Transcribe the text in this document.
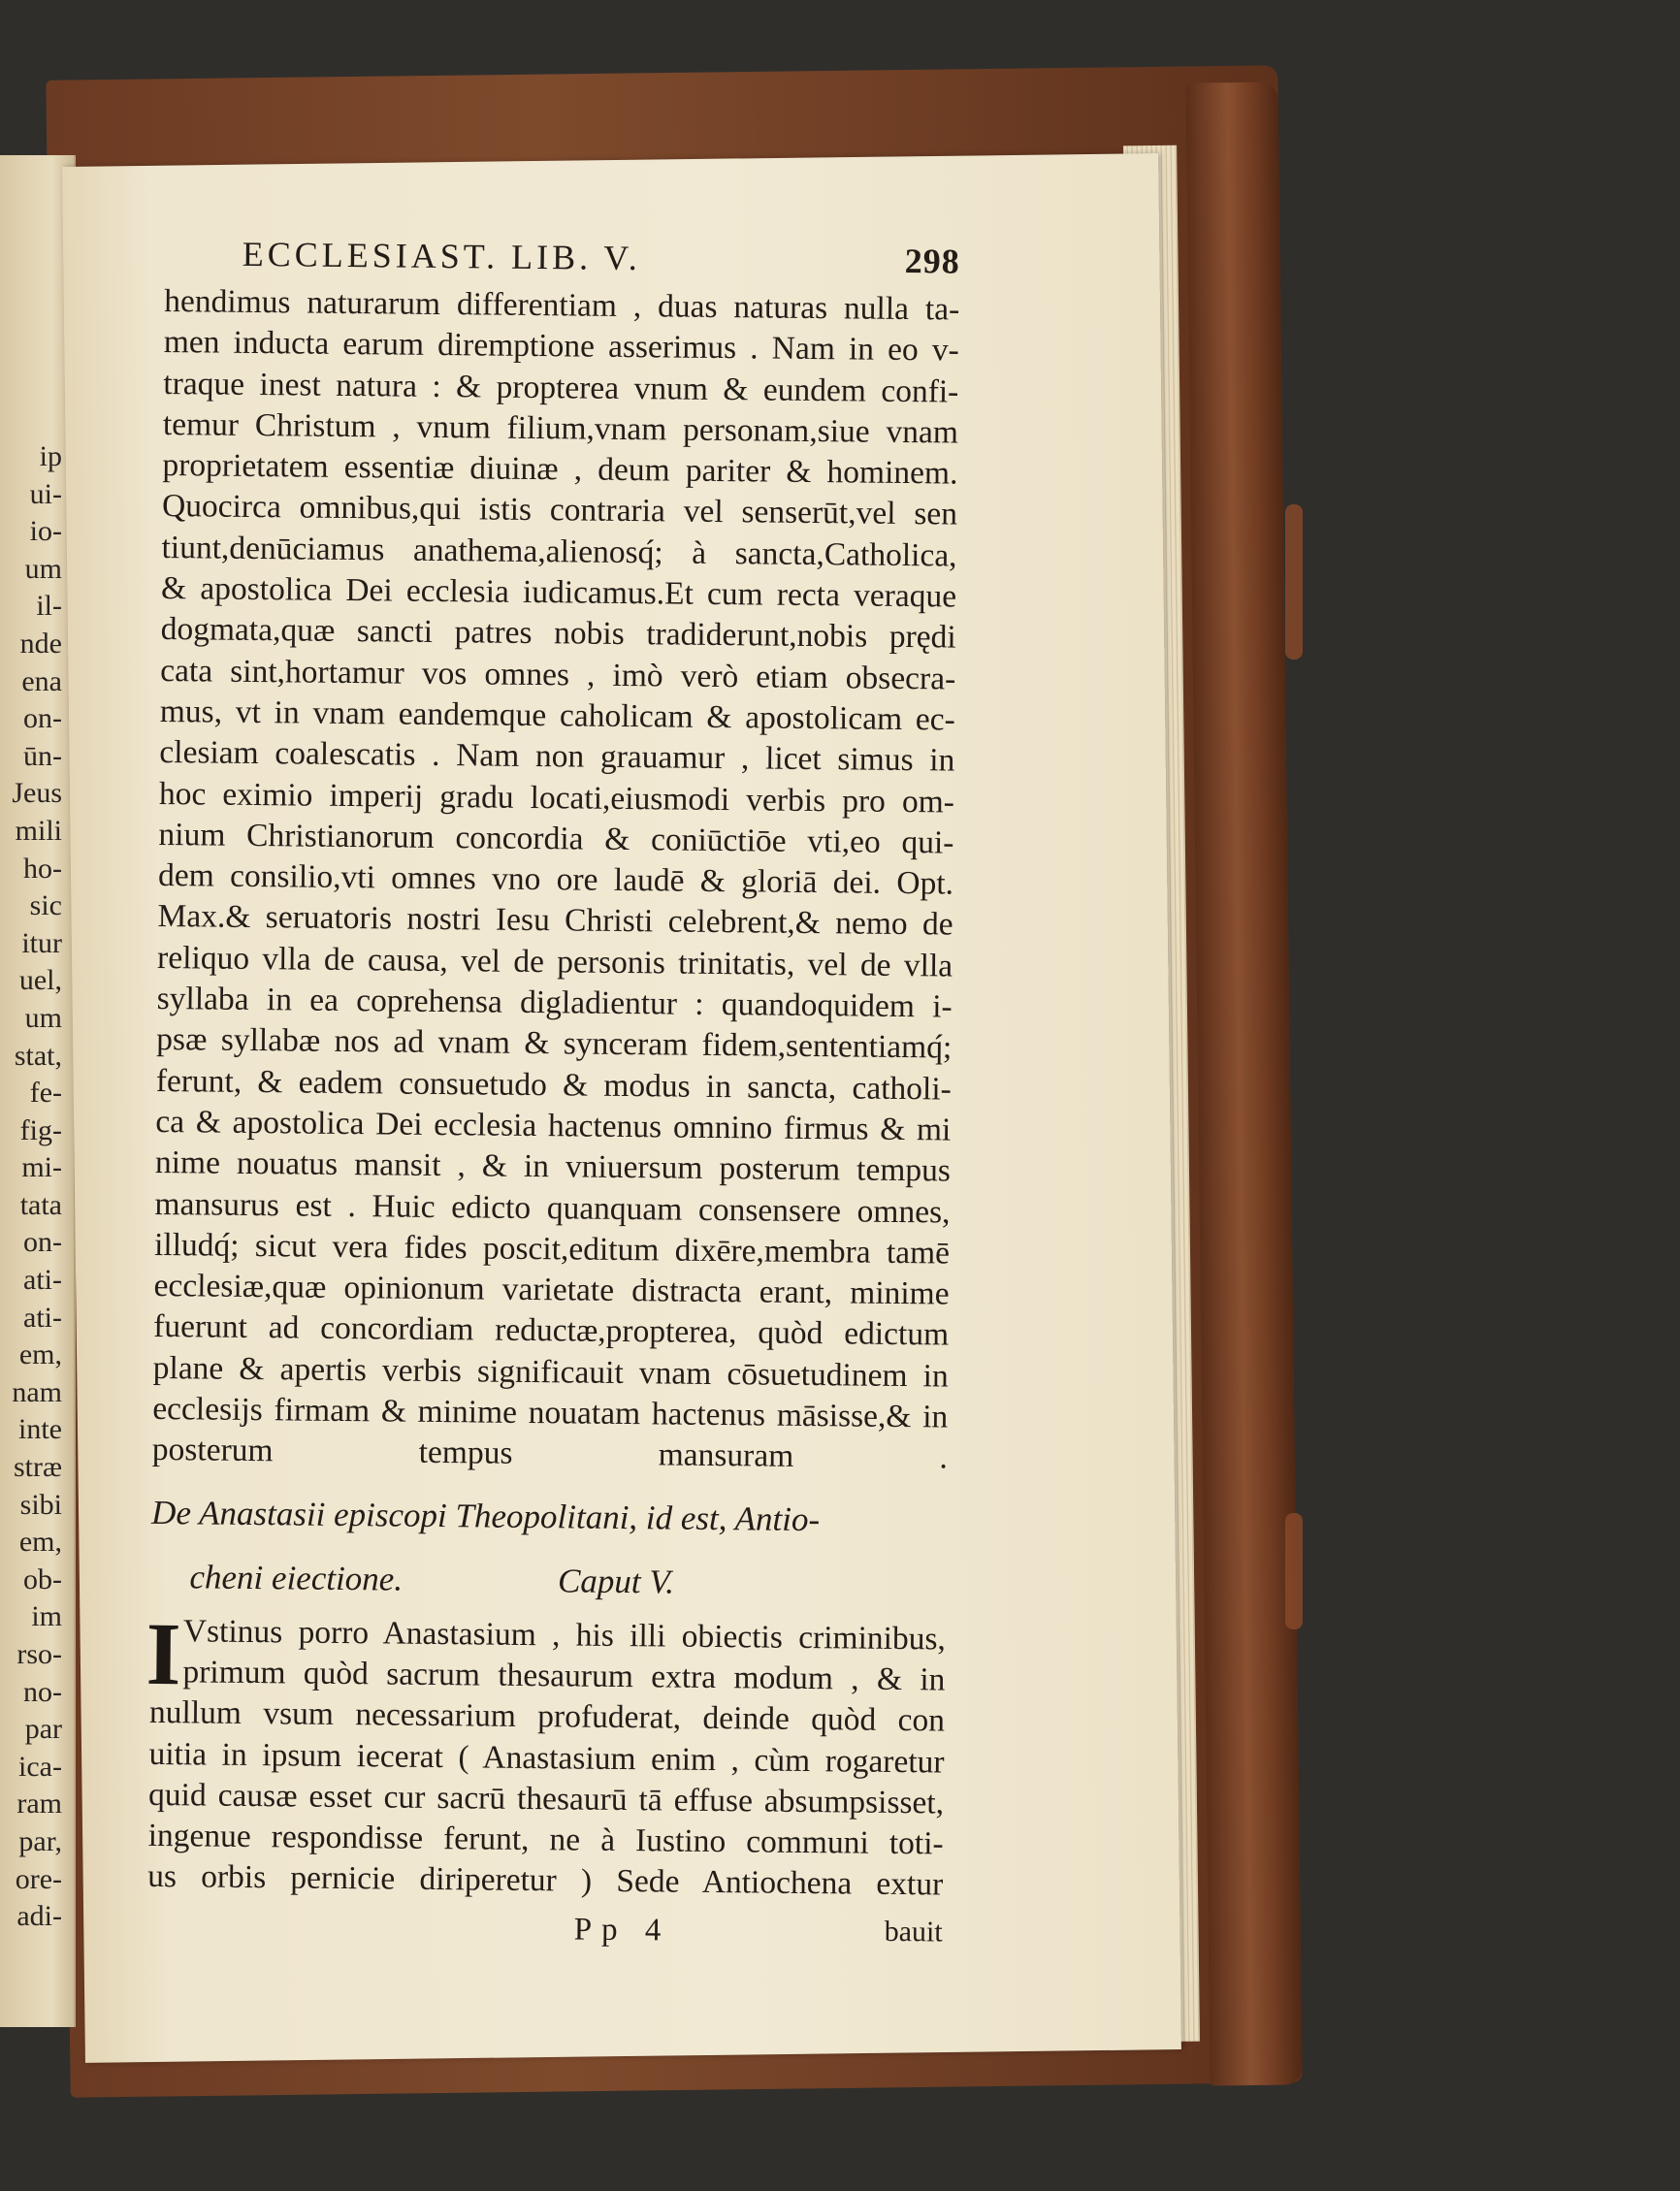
ip
ui-
io-
um
il-
nde
ena
on-
ūn-
Jeus
mili
ho-
sic
itur
uel,
um
stat,
fe-
fig-
mi-
tata
on-
ati-
ati-
em,
nam
inte
stræ
sibi
em,
ob-
im
rso-
no-
par
ica-
ram
par,
ore-
adi-
ECCLESIAST. LIB. V.	298
hendimus naturarum differentiam , duas naturas nulla ta-
men inducta earum diremptione asserimus . Nam in eo v-
traque inest natura : & propterea vnum & eundem confi-
temur Christum , vnum filium,vnam personam,siue vnam
proprietatem essentiæ diuinæ , deum pariter & hominem.
Quocirca omnibus,qui istis contraria vel senserūt,vel sen
tiunt,denūciamus anathema,alienosq́; à sancta,Catholica,
& apostolica Dei ecclesia iudicamus.Et cum recta veraque
dogmata,quæ sancti patres nobis tradiderunt,nobis prędi
cata sint,hortamur vos omnes , imò verò etiam obsecra-
mus, vt in vnam eandemque caholicam & apostolicam ec-
clesiam coalescatis . Nam non grauamur , licet simus in
hoc eximio imperij gradu locati,eiusmodi verbis pro om-
nium Christianorum concordia & coniūctiōe vti,eo qui-
dem consilio,vti omnes vno ore laudē & gloriā dei. Opt.
Max.& seruatoris nostri Iesu Christi celebrent,& nemo de
reliquo vlla de causa, vel de personis trinitatis, vel de vlla
syllaba in ea coprehensa digladientur : quandoquidem i-
psæ syllabæ nos ad vnam & synceram fidem,sententiamq́;
ferunt, & eadem consuetudo & modus in sancta, catholi-
ca & apostolica Dei ecclesia hactenus omnino firmus & mi
nime nouatus mansit , & in vniuersum posterum tempus
mansurus est . Huic edicto quanquam consensere omnes,
illudq́; sicut vera fides poscit,editum dixēre,membra tamē
ecclesiæ,quæ opinionum varietate distracta erant, minime
fuerunt ad concordiam reductæ,propterea, quòd edictum
plane & apertis verbis significauit vnam cōsuetudinem in
ecclesijs firmam & minime nouatam hactenus māsisse,& in
posterum tempus mansuram .
De Anastasii episcopi Theopolitani, id est, Antio-
cheni eiectione.	Caput V.
I Vstinus porro Anastasium , his illi obiectis criminibus,
primum quòd sacrum thesaurum extra modum , & in
nullum vsum necessarium profuderat, deinde quòd con
uitia in ipsum iecerat ( Anastasium enim , cùm rogaretur
quid causæ esset cur sacrū thesaurū tā effuse absumpsisset,
ingenue respondisse ferunt, ne à Iustino communi toti-
us orbis pernicie diriperetur ) Sede Antiochena extur
Pp 4	bauit
